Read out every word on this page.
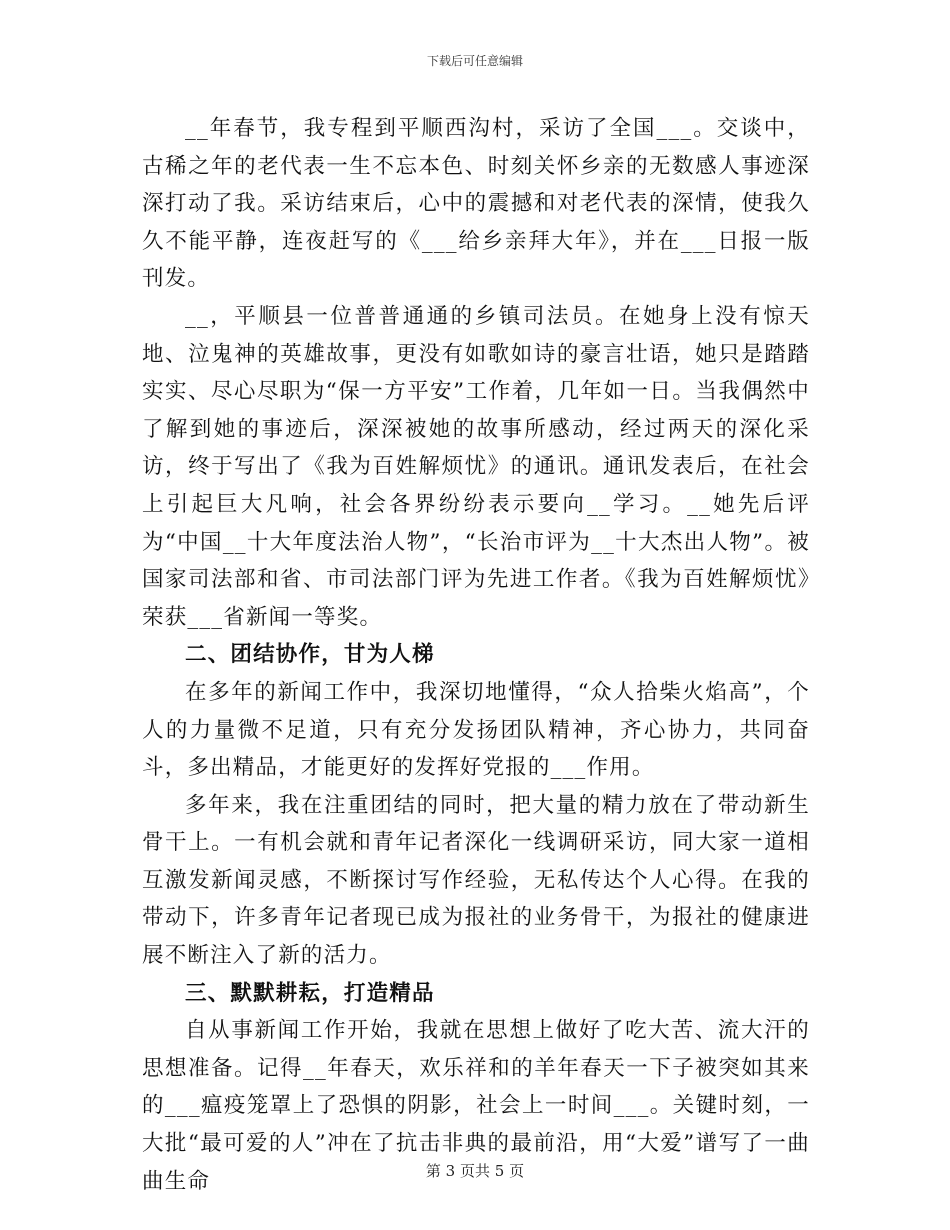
下载后可任意编辑

__年春节，我专程到平顺西沟村，采访了全国___。交谈中，古稀之年的老代表一生不忘本色、时刻关怀乡亲的无数感人事迹深深打动了我。采访结束后，心中的震撼和对老代表的深情，使我久久不能平静，连夜赶写的《___给乡亲拜大年》，并在___日报一版刊发。

__，平顺县一位普普通通的乡镇司法员。在她身上没有惊天地、泣鬼神的英雄故事，更没有如歌如诗的豪言壮语，她只是踏踏实实、尽心尽职为“保一方平安”工作着，几年如一日。当我偶然中了解到她的事迹后，深深被她的故事所感动，经过两天的深化采访，终于写出了《我为百姓解烦忧》的通讯。通讯发表后，在社会上引起巨大凡响，社会各界纷纷表示要向__学习。__她先后评为“中国__十大年度法治人物”，“长治市评为__十大杰出人物”。被国家司法部和省、市司法部门评为先进工作者。《我为百姓解烦忧》荣获___省新闻一等奖。

二、团结协作，甘为人梯

在多年的新闻工作中，我深切地懂得，“众人拾柴火焰高”，个人的力量微不足道，只有充分发扬团队精神，齐心协力，共同奋斗，多出精品，才能更好的发挥好党报的___作用。

多年来，我在注重团结的同时，把大量的精力放在了带动新生骨干上。一有机会就和青年记者深化一线调研采访，同大家一道相互激发新闻灵感，不断探讨写作经验，无私传达个人心得。在我的带动下，许多青年记者现已成为报社的业务骨干，为报社的健康进展不断注入了新的活力。

三、默默耕耘，打造精品

自从事新闻工作开始，我就在思想上做好了吃大苦、流大汗的思想准备。记得__年春天，欢乐祥和的羊年春天一下子被突如其来的___瘟疫笼罩上了恐惧的阴影，社会上一时间___。关键时刻，一大批“最可爱的人”冲在了抗击非典的最前沿，用“大爱”谱写了一曲曲生命	第 3 页共 5 页
